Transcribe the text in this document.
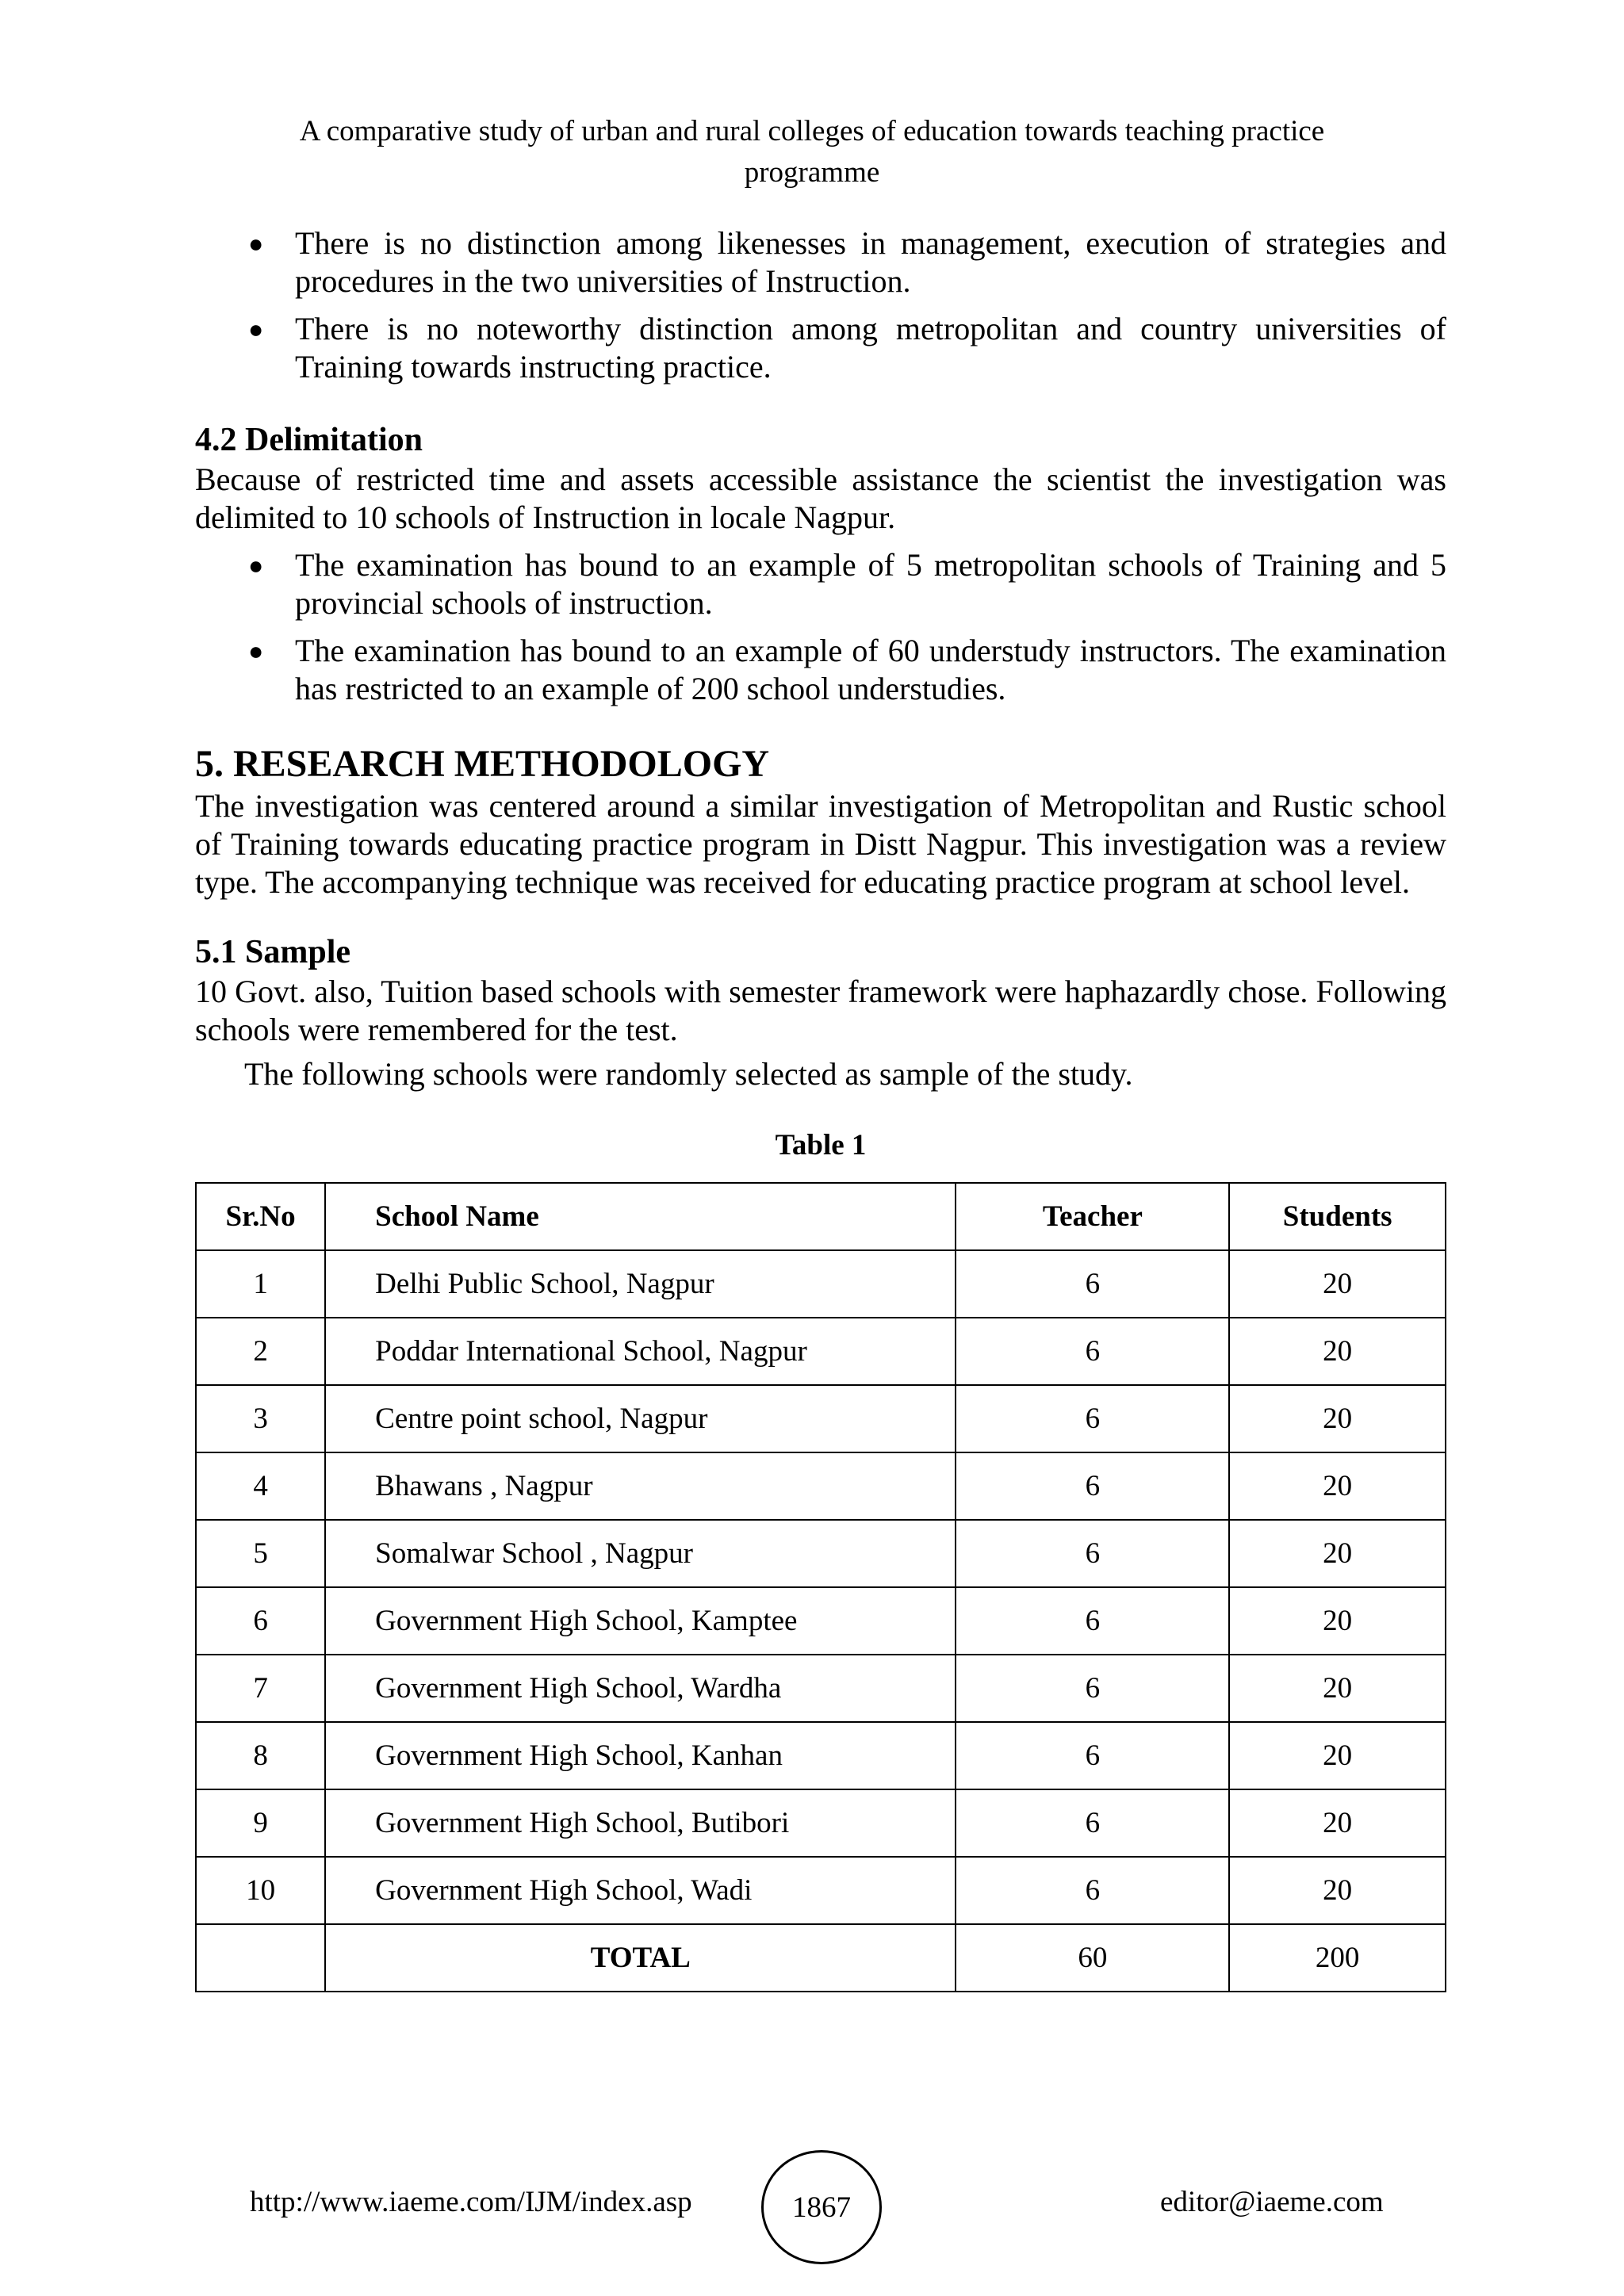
A comparative study of urban and rural colleges of education towards teaching practice
programme
● There is no distinction among likenesses in management, execution of strategies and procedures in the two universities of Instruction.
● There is no noteworthy distinction among metropolitan and country universities of Training towards instructing practice.
4.2 Delimitation

Because of restricted time and assets accessible assistance the scientist the investigation was delimited to 10 schools of Instruction in locale Nagpur.

● The examination has bound to an example of 5 metropolitan schools of Training and 5 provincial schools of instruction.
● The examination has bound to an example of 60 understudy instructors. The examination has restricted to an example of 200 school understudies.
5. RESEARCH METHODOLOGY

The investigation was centered around a similar investigation of Metropolitan and Rustic school of Training towards educating practice program in Distt Nagpur. This investigation was a review type. The accompanying technique was received for educating practice program at school level.

5.1 Sample

10 Govt. also, Tuition based schools with semester framework were haphazardly chose. Following schools were remembered for the test.

The following schools were randomly selected as sample of the study.

Table 1

Sr.No	School Name	Teacher	Students
1	Delhi Public School, Nagpur	6	20
2	Poddar International School, Nagpur	6	20
3	Centre point school, Nagpur	6	20
4	Bhawans , Nagpur	6	20
5	Somalwar School , Nagpur	6	20
6	Government High School, Kamptee	6	20
7	Government High School, Wardha	6	20
8	Government High School, Kanhan	6	20
9	Government High School, Butibori	6	20
10	Government High School, Wadi	6	20
	TOTAL	60	200
http://www.iaeme.com/IJM/index.asp	1867	editor@iaeme.com
